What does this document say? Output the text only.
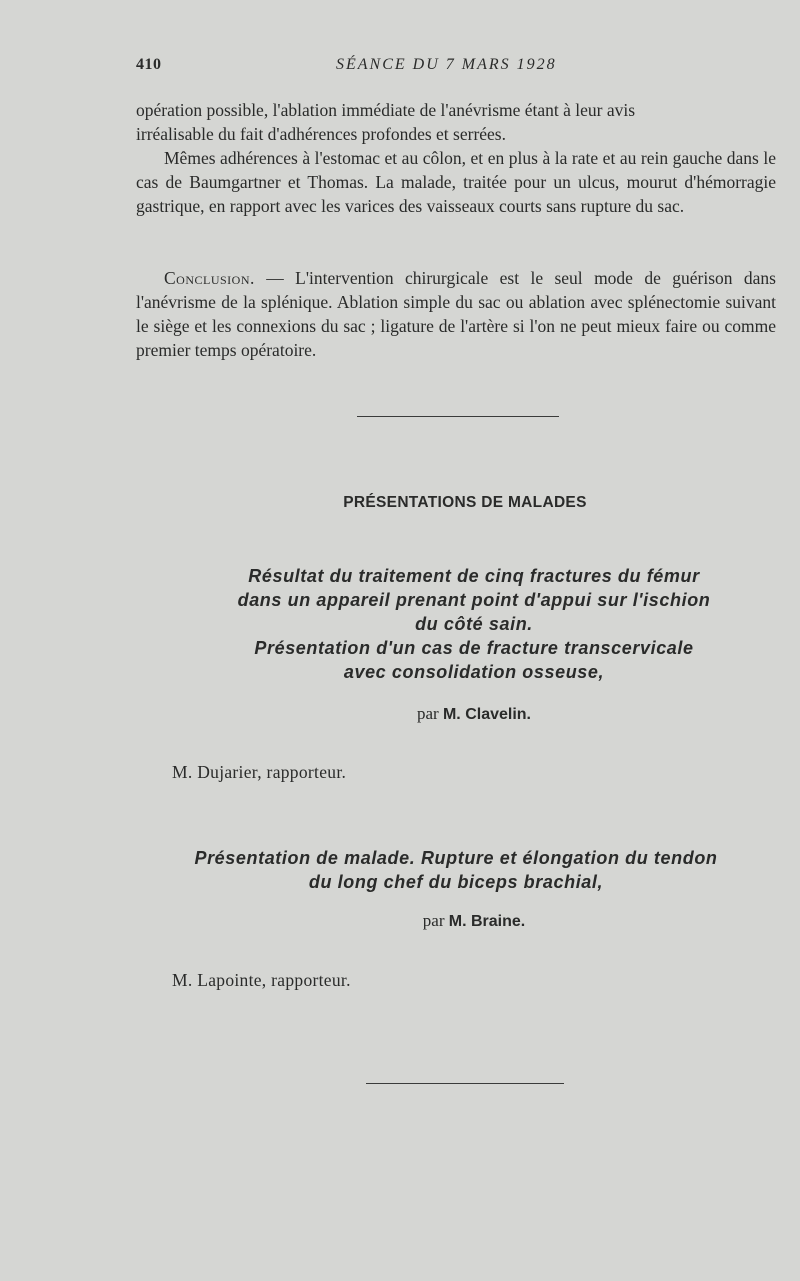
410	SÉANCE DU 7 MARS 1928

opération possible, l'ablation immédiate de l'anévrisme étant à leur avis

irréalisable du fait d'adhérences profondes et serrées.

Mêmes adhérences à l'estomac et au côlon, et en plus à la rate et au rein gauche dans le cas de Baumgartner et Thomas. La malade, traitée pour un ulcus, mourut d'hémorragie gastrique, en rapport avec les varices des vaisseaux courts sans rupture du sac.

Conclusion. — L'intervention chirurgicale est le seul mode de guérison dans l'anévrisme de la splénique. Ablation simple du sac ou ablation avec splénectomie suivant le siège et les connexions du sac ; ligature de l'artère si l'on ne peut mieux faire ou comme premier temps opératoire.

PRÉSENTATIONS DE MALADES
Résultat du traitement de cinq fractures du fémur
dans un appareil prenant point d'appui sur l'ischion
du côté sain.
Présentation d'un cas de fracture transcervicale
avec consolidation osseuse,
par M. Clavelin.
M. Dujarier, rapporteur.
Présentation de malade. Rupture et élongation du tendon
du long chef du biceps brachial,
par M. Braine.
M. Lapointe, rapporteur.
